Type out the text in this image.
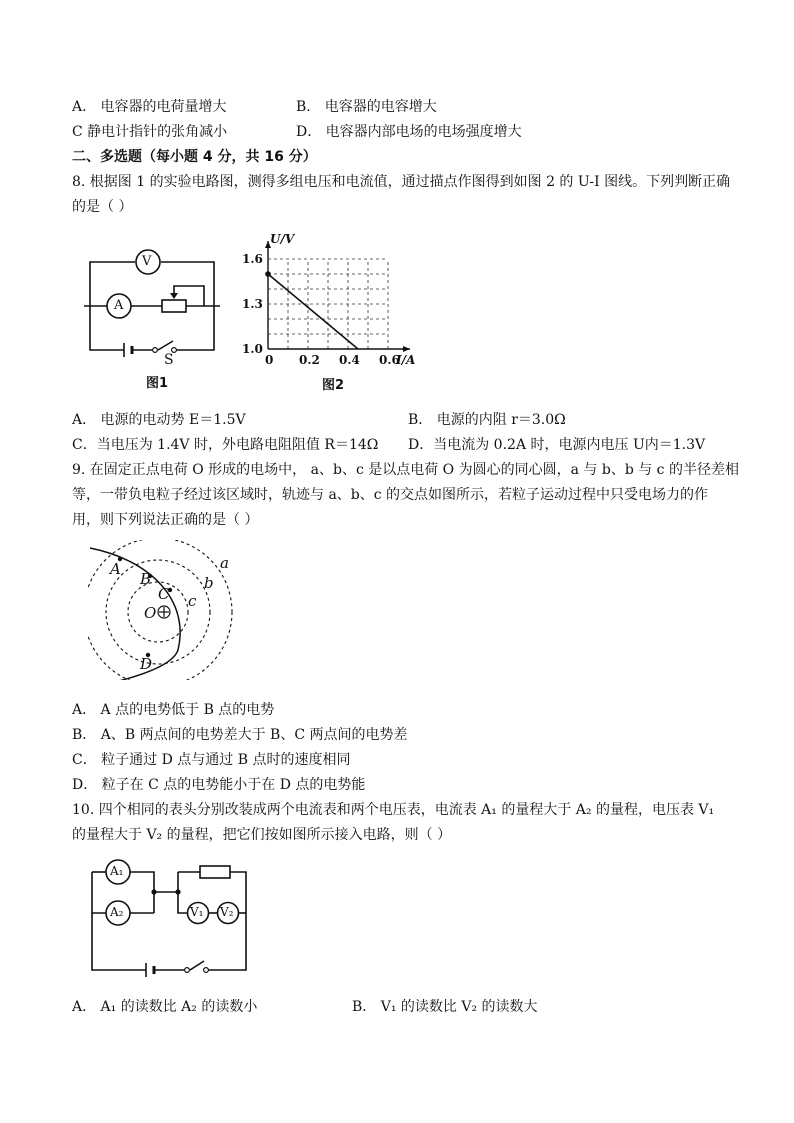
A． 电容器的电荷量增大	B． 电容器的电容增大
C 静电计指针的张角减小	D． 电容器内部电场的电场强度增大
二、多选题（每小题 4 分，共 16 分）
8. 根据图 1 的实验电路图，测得多组电压和电流值，通过描点作图得到如图 2 的 U-I 图线。下列判断正确
的是（ ）
V
A
S
图1
0 0.2 0.4 0.6
1.0
1.3
1.6
U/V
I/A
图2
A． 电源的电动势 E＝1.5V	B． 电源的内阻 r＝3.0Ω
C．当电压为 1.4V 时，外电路电阻阻值 R＝14Ω D．当电流为 0.2A 时，电源内电压 U内＝1.3V
9. 在固定正点电荷 O 形成的电场中， a、b、c 是以点电荷 O 为圆心的同心圆，a 与 b、b 与 c 的半径差相
等，一带负电粒子经过该区域时，轨迹与 a、b、c 的交点如图所示，若粒子运动过程中只受电场力的作
用，则下列说法正确的是（ ）
A
B
C
D
O
a
b
c
A． A 点的电势低于 B 点的电势
B． A、B 两点间的电势差大于 B、C 两点间的电势差
C． 粒子通过 D 点与通过 B 点时的速度相同
D． 粒子在 C 点的电势能小于在 D 点的电势能
10. 四个相同的表头分别改装成两个电流表和两个电压表，电流表 A₁ 的量程大于 A₂ 的量程，电压表 V₁
的量程大于 V₂ 的量程，把它们按如图所示接入电路，则（ ）
A₁
A₂	V₁ V₂
A． A₁ 的读数比 A₂ 的读数小	B． V₁ 的读数比 V₂ 的读数大
